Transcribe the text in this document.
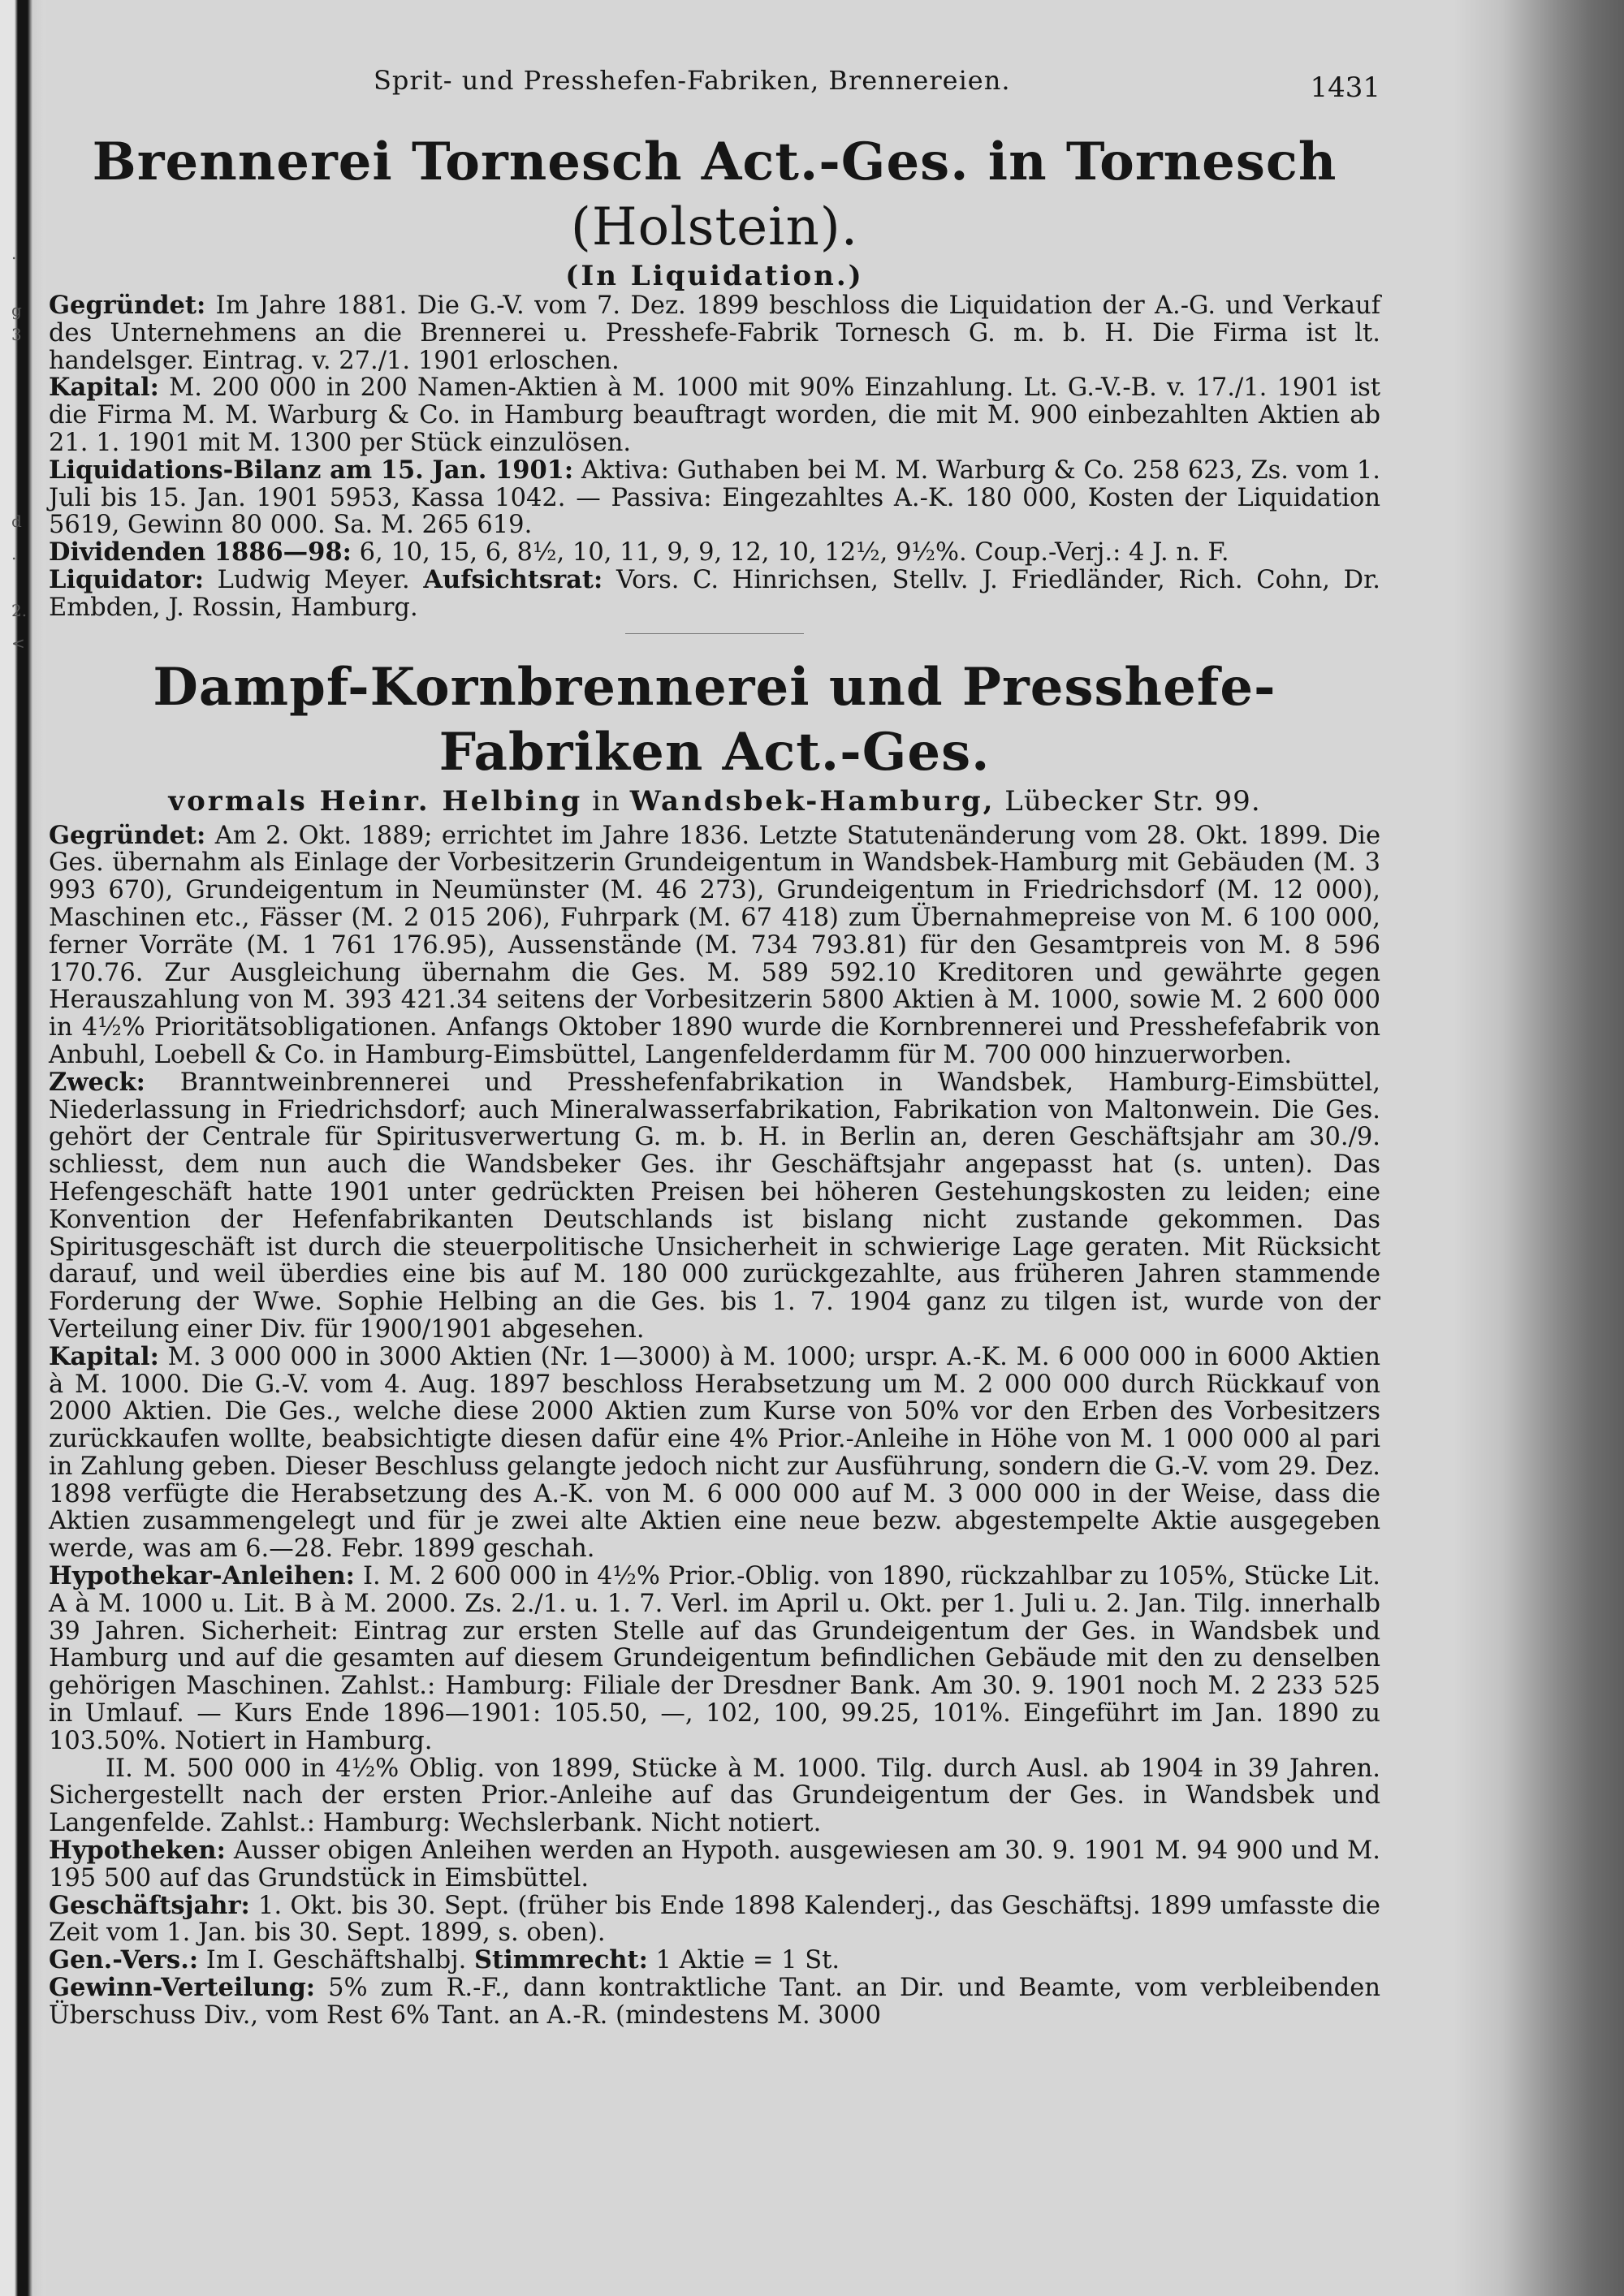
.
g
3
d
.
2.
<
Sprit- und Presshefen-Fabriken, Brennereien.	1431
Brennerei Tornesch Act.-Ges. in Tornesch (Holstein).
(In Liquidation.)

Gegründet: Im Jahre 1881. Die G.-V. vom 7. Dez. 1899 beschloss die Liquidation der A.-G. und Verkauf des Unternehmens an die Brennerei u. Presshefe-Fabrik Tornesch G. m. b. H. Die Firma ist lt. handelsger. Eintrag. v. 27./1. 1901 erloschen.

Kapital: M. 200 000 in 200 Namen-Aktien à M. 1000 mit 90% Einzahlung. Lt. G.-V.-B. v. 17./1. 1901 ist die Firma M. M. Warburg & Co. in Hamburg beauftragt worden, die mit M. 900 einbezahlten Aktien ab 21. 1. 1901 mit M. 1300 per Stück einzulösen.

Liquidations-Bilanz am 15. Jan. 1901: Aktiva: Guthaben bei M. M. Warburg & Co. 258 623, Zs. vom 1. Juli bis 15. Jan. 1901 5953, Kassa 1042. — Passiva: Eingezahltes A.-K. 180 000, Kosten der Liquidation 5619, Gewinn 80 000. Sa. M. 265 619.

Dividenden 1886—98: 6, 10, 15, 6, 8½, 10, 11, 9, 9, 12, 10, 12½, 9½%. Coup.-Verj.: 4 J. n. F.

Liquidator: Ludwig Meyer. Aufsichtsrat: Vors. C. Hinrichsen, Stellv. J. Friedländer, Rich. Cohn, Dr. Embden, J. Rossin, Hamburg.

Dampf-Kornbrennerei und Presshefe-Fabriken Act.-Ges.
vormals Heinr. Helbing in Wandsbek-Hamburg, Lübecker Str. 99.

Gegründet: Am 2. Okt. 1889; errichtet im Jahre 1836. Letzte Statutenänderung vom 28. Okt. 1899. Die Ges. übernahm als Einlage der Vorbesitzerin Grundeigentum in Wandsbek-Hamburg mit Gebäuden (M. 3 993 670), Grundeigentum in Neumünster (M. 46 273), Grundeigentum in Friedrichsdorf (M. 12 000), Maschinen etc., Fässer (M. 2 015 206), Fuhrpark (M. 67 418) zum Übernahmepreise von M. 6 100 000, ferner Vorräte (M. 1 761 176.95), Aussenstände (M. 734 793.81) für den Gesamtpreis von M. 8 596 170.76. Zur Ausgleichung übernahm die Ges. M. 589 592.10 Kreditoren und gewährte gegen Herauszahlung von M. 393 421.34 seitens der Vorbesitzerin 5800 Aktien à M. 1000, sowie M. 2 600 000 in 4½% Prioritätsobligationen. Anfangs Oktober 1890 wurde die Kornbrennerei und Presshefefabrik von Anbuhl, Loebell & Co. in Hamburg-Eimsbüttel, Langenfelderdamm für M. 700 000 hinzuerworben.

Zweck: Branntweinbrennerei und Presshefenfabrikation in Wandsbek, Hamburg-Eimsbüttel, Niederlassung in Friedrichsdorf; auch Mineralwasserfabrikation, Fabrikation von Maltonwein. Die Ges. gehört der Centrale für Spiritusverwertung G. m. b. H. in Berlin an, deren Geschäftsjahr am 30./9. schliesst, dem nun auch die Wandsbeker Ges. ihr Geschäftsjahr angepasst hat (s. unten). Das Hefengeschäft hatte 1901 unter gedrückten Preisen bei höheren Gestehungskosten zu leiden; eine Konvention der Hefenfabrikanten Deutschlands ist bislang nicht zustande gekommen. Das Spiritusgeschäft ist durch die steuerpolitische Unsicherheit in schwierige Lage geraten. Mit Rücksicht darauf, und weil überdies eine bis auf M. 180 000 zurückgezahlte, aus früheren Jahren stammende Forderung der Wwe. Sophie Helbing an die Ges. bis 1. 7. 1904 ganz zu tilgen ist, wurde von der Verteilung einer Div. für 1900/1901 abgesehen.

Kapital: M. 3 000 000 in 3000 Aktien (Nr. 1—3000) à M. 1000; urspr. A.-K. M. 6 000 000 in 6000 Aktien à M. 1000. Die G.-V. vom 4. Aug. 1897 beschloss Herabsetzung um M. 2 000 000 durch Rückkauf von 2000 Aktien. Die Ges., welche diese 2000 Aktien zum Kurse von 50% vor den Erben des Vorbesitzers zurückkaufen wollte, beabsichtigte diesen dafür eine 4% Prior.-Anleihe in Höhe von M. 1 000 000 al pari in Zahlung geben. Dieser Beschluss gelangte jedoch nicht zur Ausführung, sondern die G.-V. vom 29. Dez. 1898 verfügte die Herabsetzung des A.-K. von M. 6 000 000 auf M. 3 000 000 in der Weise, dass die Aktien zusammengelegt und für je zwei alte Aktien eine neue bezw. abgestempelte Aktie ausgegeben werde, was am 6.—28. Febr. 1899 geschah.

Hypothekar-Anleihen: I. M. 2 600 000 in 4½% Prior.-Oblig. von 1890, rückzahlbar zu 105%, Stücke Lit. A à M. 1000 u. Lit. B à M. 2000. Zs. 2./1. u. 1. 7. Verl. im April u. Okt. per 1. Juli u. 2. Jan. Tilg. innerhalb 39 Jahren. Sicherheit: Eintrag zur ersten Stelle auf das Grundeigentum der Ges. in Wandsbek und Hamburg und auf die gesamten auf diesem Grundeigentum befindlichen Gebäude mit den zu denselben gehörigen Maschinen. Zahlst.: Hamburg: Filiale der Dresdner Bank. Am 30. 9. 1901 noch M. 2 233 525 in Umlauf. — Kurs Ende 1896—1901: 105.50, —, 102, 100, 99.25, 101%. Eingeführt im Jan. 1890 zu 103.50%. Notiert in Hamburg.

II. M. 500 000 in 4½% Oblig. von 1899, Stücke à M. 1000. Tilg. durch Ausl. ab 1904 in 39 Jahren. Sichergestellt nach der ersten Prior.-Anleihe auf das Grundeigentum der Ges. in Wandsbek und Langenfelde. Zahlst.: Hamburg: Wechslerbank. Nicht notiert.

Hypotheken: Ausser obigen Anleihen werden an Hypoth. ausgewiesen am 30. 9. 1901 M. 94 900 und M. 195 500 auf das Grundstück in Eimsbüttel.

Geschäftsjahr: 1. Okt. bis 30. Sept. (früher bis Ende 1898 Kalenderj., das Geschäftsj. 1899 umfasste die Zeit vom 1. Jan. bis 30. Sept. 1899, s. oben).

Gen.-Vers.: Im I. Geschäftshalbj. Stimmrecht: 1 Aktie = 1 St.

Gewinn-Verteilung: 5% zum R.-F., dann kontraktliche Tant. an Dir. und Beamte, vom verbleibenden Überschuss Div., vom Rest 6% Tant. an A.-R. (mindestens M. 3000
